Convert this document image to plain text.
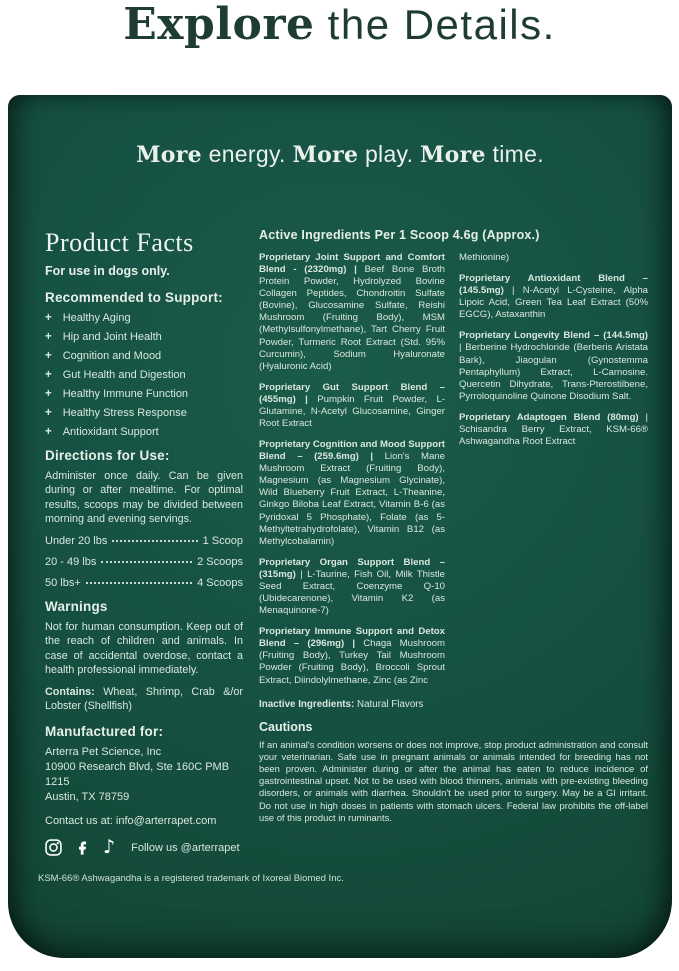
Explore the Details.
More energy. More play. More time.
Product Facts

For use in dogs only.

Recommended to Support:
+ Healthy Aging
+ Hip and Joint Health
+ Cognition and Mood
+ Gut Health and Digestion
+ Healthy Immune Function
+ Healthy Stress Response
+ Antioxidant Support
Directions for Use:

Administer once daily. Can be given during or after mealtime. For optimal results, scoops may be divided between morning and evening servings.

Under 20 lbs	1 Scoop
20 - 49 lbs	2 Scoops
50 lbs+	4 Scoops
Warnings

Not for human consumption. Keep out of the reach of children and animals. In case of accidental overdose, contact a health professional immediately.

Contains: Wheat, Shrimp, Crab &/or Lobster (Shellfish)

Manufactured for:

Arterra Pet Science, Inc

10900 Research Blvd, Ste 160C PMB 1215

Austin, TX 78759

Contact us at: info@arterrapet.com

♪ Follow us @arterrapet
Active Ingredients Per 1 Scoop 4.6g (Approx.)

Proprietary Joint Support and Comfort Blend - (2320mg) | Beef Bone Broth Protein Powder, Hydrolyzed Bovine Collagen Peptides, Chondroitin Sulfate (Bovine), Glucosamine Sulfate, Reishi Mushroom (Fruiting Body), MSM (Methylsulfonylmethane), Tart Cherry Fruit Powder, Turmeric Root Extract (Std. 95% Curcumin), Sodium Hyaluronate (Hyaluronic Acid)

Proprietary Gut Support Blend – (455mg) | Pumpkin Fruit Powder, L-Glutamine, N-Acetyl Glucosamine, Ginger Root Extract

Proprietary Cognition and Mood Support Blend – (259.6mg) | Lion's Mane Mushroom Extract (Fruiting Body), Magnesium (as Magnesium Glycinate), Wild Blueberry Fruit Extract, L-Theanine, Ginkgo Biloba Leaf Extract, Vitamin B-6 (as Pyridoxal 5 Phosphate), Folate (as 5-Methyltetrahydrofolate), Vitamin B12 (as Methylcobalamin)

Proprietary Organ Support Blend – (315mg) | L-Taurine, Fish Oil, Milk Thistle Seed Extract, Coenzyme Q-10 (Ubidecarenone), Vitamin K2 (as Menaquinone-7)

Proprietary Immune Support and Detox Blend – (296mg) | Chaga Mushroom (Fruiting Body), Turkey Tail Mushroom Powder (Fruiting Body), Broccoli Sprout Extract, Diindolylmethane, Zinc (as Zinc

Inactive Ingredients: Natural Flavors

Methionine)

Proprietary Antioxidant Blend – (145.5mg) | N-Acetyl L-Cysteine, Alpha Lipoic Acid, Green Tea Leaf Extract (50% EGCG), Astaxanthin

Proprietary Longevity Blend – (144.5mg) | Berberine Hydrochloride (Berberis Aristata Bark), Jiaogulan (Gynostemma Pentaphyllum) Extract, L-Carnosine. Quercetin Dihydrate, Trans-Pterostilbene, Pyrroloquinoline Quinone Disodium Salt.

Proprietary Adaptogen Blend (80mg) | Schisandra Berry Extract, KSM-66® Ashwagandha Root Extract

Cautions

If an animal's condition worsens or does not improve, stop product administration and consult your veterinarian. Safe use in pregnant animals or animals intended for breeding has not been proven. Administer during or after the animal has eaten to reduce incidence of gastrointestinal upset. Not to be used with blood thinners, animals with pre-existing bleeding disorders, or animals with diarrhea. Shouldn't be used prior to surgery. May be a GI irritant. Do not use in high doses in patients with stomach ulcers. Federal law prohibits the off-label use of this product in ruminants.

KSM-66® Ashwagandha is a registered trademark of Ixoreal Biomed Inc.
